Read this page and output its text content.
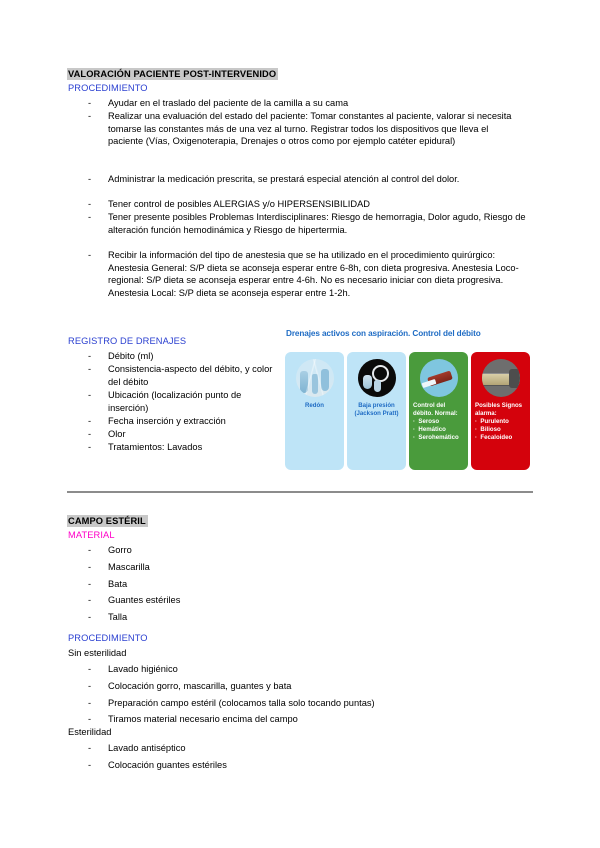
VALORACIÓN PACIENTE POST-INTERVENIDO
PROCEDIMIENTO
-	Ayudar en el traslado del paciente de la camilla a su cama
-	Realizar una evaluación del estado del paciente: Tomar constantes al paciente, valorar si necesita tomarse las constantes más de una vez al turno. Registrar todos los dispositivos que lleva el paciente (Vías, Oxigenoterapia, Drenajes o otros como por ejemplo catéter epidural)
-	Administrar la medicación prescrita, se prestará especial atención al control del dolor.
-	Tener control de posibles ALERGIAS y/o HIPERSENSIBILIDAD
-	Tener presente posibles Problemas Interdisciplinares: Riesgo de hemorragia, Dolor agudo, Riesgo de alteración función hemodinámica y Riesgo de hipertermia.
-	Recibir la información del tipo de anestesia que se ha utilizado en el procedimiento quirúrgico: Anestesia General: S/P dieta se aconseja esperar entre 6-8h, con dieta progresiva. Anestesia Loco-regional: S/P dieta se aconseja esperar entre 4-6h. No es necesario iniciar con dieta progresiva. Anestesia Local: S/P dieta se aconseja esperar entre 1-2h.
REGISTRO DE DRENAJES
-	Débito (ml)
-	Consistencia-aspecto del débito, y color del débito
-	Ubicación (localización punto de inserción)
-	Fecha inserción y extracción
-	Olor
-	Tratamientos: Lavados
Drenajes activos con aspiración. Control del débito
Redón	Baja presión (Jackson Pratt)
Control del débito. Normal:
·  Seroso
·  Hemático
·  Serohemático
Posibles Signos alarma:
·  Purulento
·  Bilioso
·  Fecaloideo
CAMPO ESTÉRIL
MATERIAL
-	Gorro
-	Mascarilla
-	Bata
-	Guantes estériles
-	Talla
PROCEDIMIENTO
Sin esterilidad
-	Lavado higiénico
-	Colocación gorro, mascarilla, guantes y bata
-	Preparación campo estéril (colocamos talla solo tocando puntas)
-	Tiramos material necesario encima del campo
Esterilidad
-	Lavado antiséptico
-	Colocación guantes estériles
